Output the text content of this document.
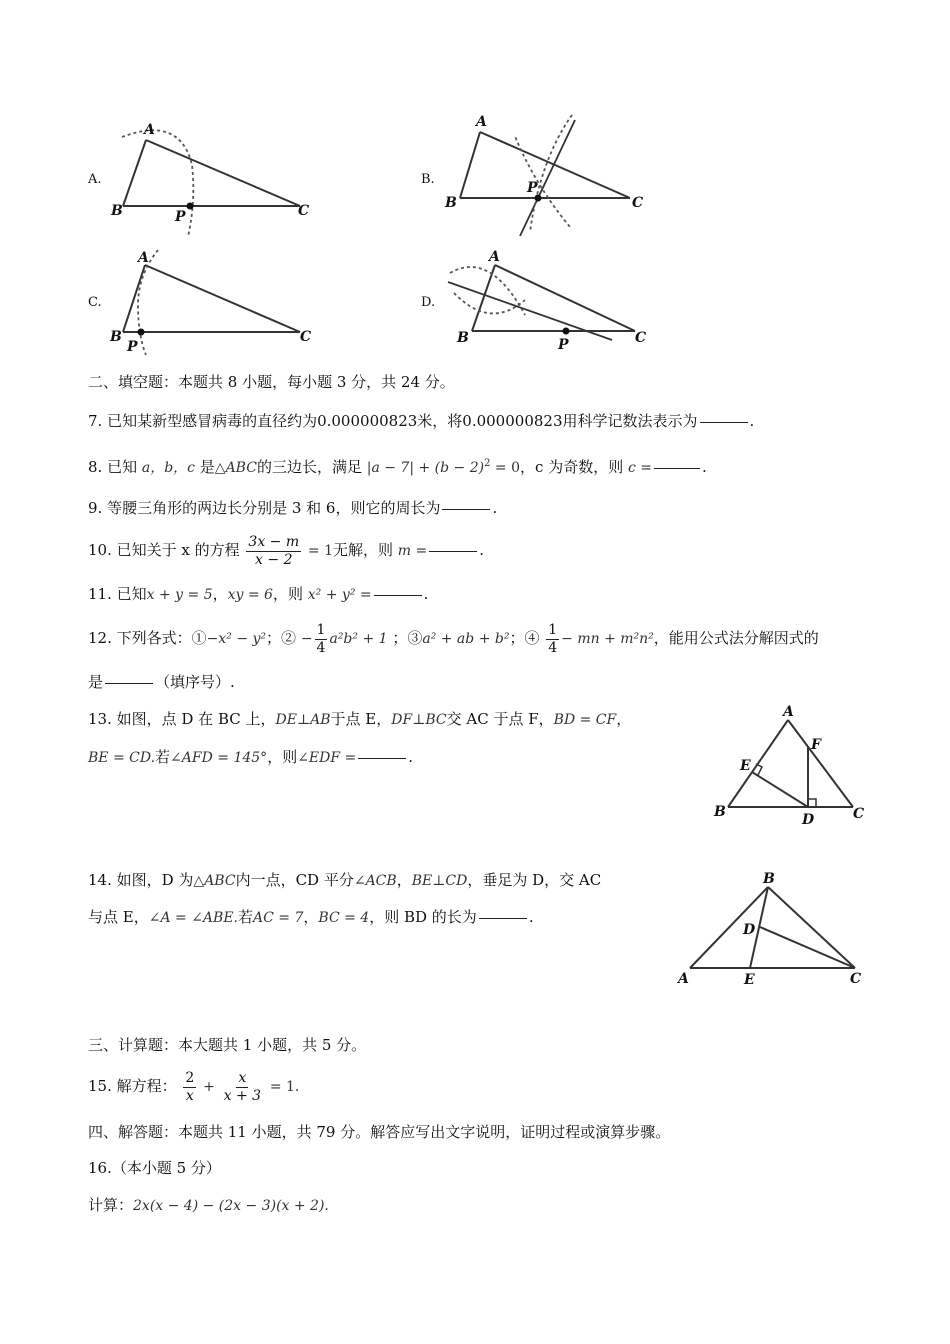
A.
A
B	C
P
B.
A
B	C
P
C.
A
B	C
P
D.
A
B	C
P
二、填空题：本题共 8 小题，每小题 3 分，共 24 分。
7. 已知某新型感冒病毒的直径约为0.000000823米，将0.000000823用科学记数法表示为	.
8. 已知 a，b，c 是△ABC的三边长，满足 $|a - 7| + (b - 2)^2 = 0$，c 为奇数，则 c =	.
9. 等腰三角形的两边长分别是 3 和 6，则它的周长为	.
10. 已知关于 x 的方程 $\frac{3x - m}{x - 2} = 1$无解，则 m =	.
11. 已知x + y = 5，xy = 6，则 x² + y² =	.
12. 下列各式：①−x² − y²；② − $\frac{1}{4} a^2b^2 + 1$ ；③a² + ab + b²；④ $\frac{1}{4}$ − mn + m²n²，能用公式法分解因式的
是	（填序号）.
13. 如图，点 D 在 BC 上，DE⊥AB于点 E，DF⊥BC交 AC 于点 F，BD = CF，
BE = CD.若∠AFD = 145°，则∠EDF =	.
A
B	C
D
E
F
14. 如图，D 为△ABC内一点，CD 平分∠ACB，BE⊥CD，垂足为 D，交 AC
与点 E，∠A = ∠ABE.若AC = 7，BC = 4，则 BD 的长为	.
B
A	C
D
E
三、计算题：本大题共 1 小题，共 5 分。
15. 解方程： $\frac{2}{x} + \frac{x}{x + 3} = 1$.
四、解答题：本题共 11 小题，共 79 分。解答应写出文字说明，证明过程或演算步骤。
16.（本小题 5 分）
计算：2x(x − 4) − (2x − 3)(x + 2).
